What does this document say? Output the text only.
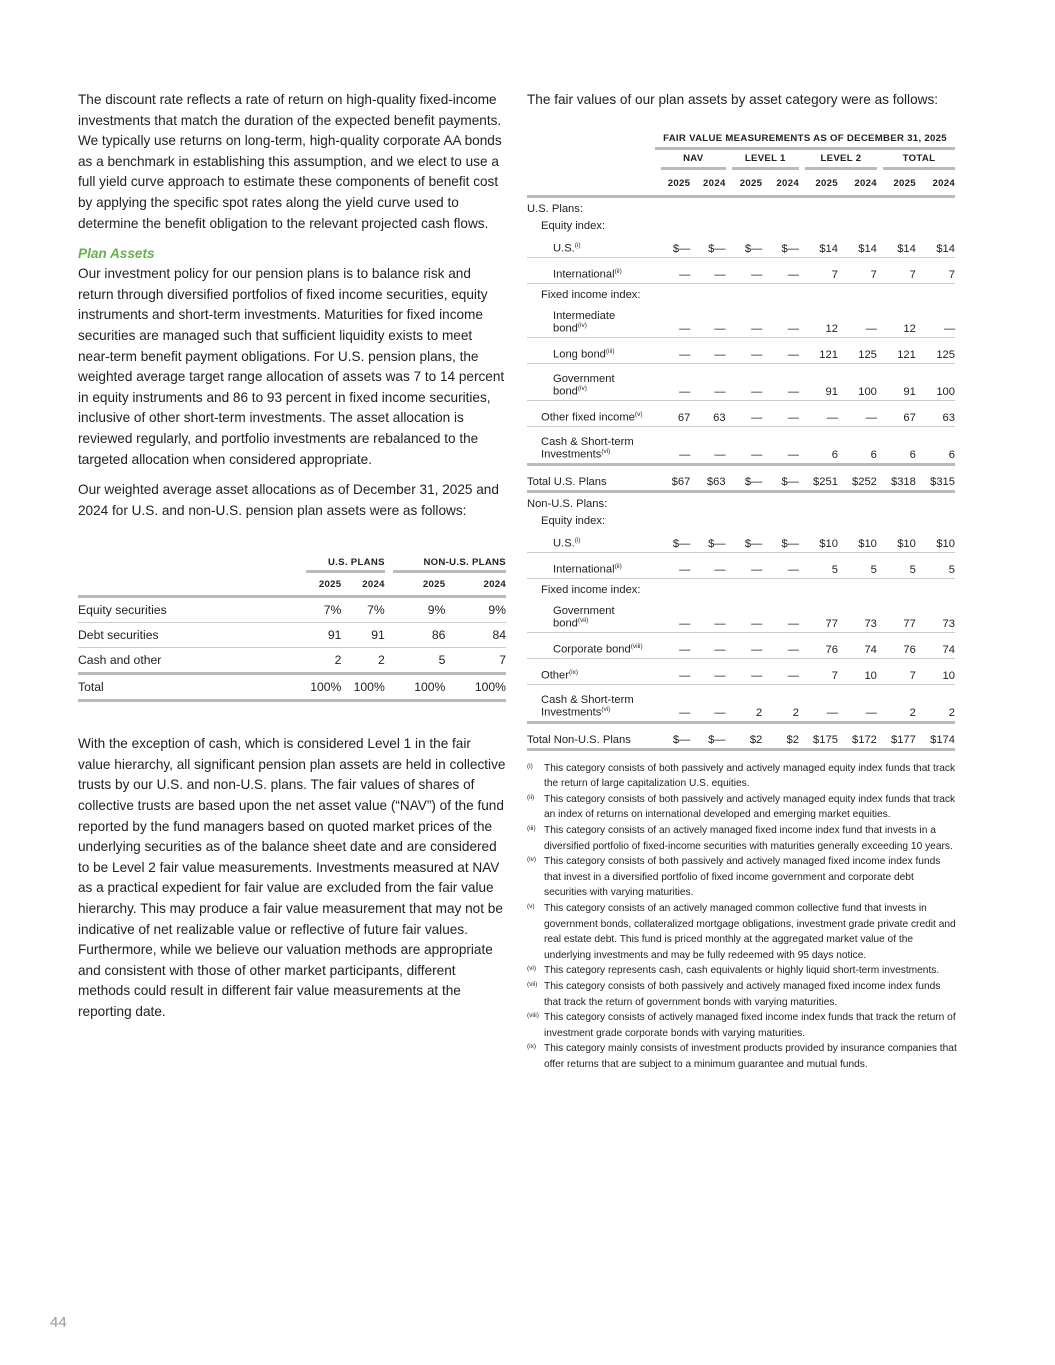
The discount rate reflects a rate of return on high-quality fixed-income investments that match the duration of the expected benefit payments. We typically use returns on long-term, high-quality corporate AA bonds as a benchmark in establishing this assumption, and we elect to use a full yield curve approach to estimate these components of benefit cost by applying the specific spot rates along the yield curve used to determine the benefit obligation to the relevant projected cash flows.

Plan Assets

Our investment policy for our pension plans is to balance risk and return through diversified portfolios of fixed income securities, equity instruments and short-term investments. Maturities for fixed income securities are managed such that sufficient liquidity exists to meet near-term benefit payment obligations. For U.S. pension plans, the weighted average target range allocation of assets was 7 to 14 percent in equity instruments and 86 to 93 percent in fixed income securities, inclusive of other short-term investments. The asset allocation is reviewed regularly, and portfolio investments are rebalanced to the targeted allocation when considered appropriate.

Our weighted average asset allocations as of December 31, 2025 and 2024 for U.S. and non-U.S. pension plan assets were as follows:

	U.S. PLANS		NON-U.S. PLANS	

	2025	2024	2025	2024
Equity securities	7%	7%	9%	9%
Debt securities	91	91	86	84
Cash and other	2	2	5	7
Total	100%	100%	100%	100%

With the exception of cash, which is considered Level 1 in the fair value hierarchy, all significant pension plan assets are held in collective trusts by our U.S. and non-U.S. plans. The fair values of shares of collective trusts are based upon the net asset value (“NAV”) of the fund reported by the fund managers based on quoted market prices of the underlying securities as of the balance sheet date and are considered to be Level 2 fair value measurements. Investments measured at NAV as a practical expedient for fair value are excluded from the fair value hierarchy. This may produce a fair value measurement that may not be indicative of net realizable value or reflective of future fair values. Furthermore, while we believe our valuation methods are appropriate and consistent with those of other market participants, different methods could result in different fair value measurements at the reporting date.

The fair values of our plan assets by asset category were as follows:

	FAIR VALUE MEASUREMENTS AS OF DECEMBER 31, 2025							

	NAV		LEVEL 1		LEVEL 2		TOTAL	

	2025	2024	2025	2024	2025	2024	2025	2024
U.S. Plans:								
Equity index:								
U.S.$^{(i)}$	$—	$—	$—	$—	$14	$14	$14	$14
International$^{(ii)}$	—	—	—	—	7	7	7	7
Fixed income index:								
Intermediate
bond$^{(iv)}$	—	—	—	—	12	—	12	—
Long bond$^{(iii)}$	—	—	—	—	121	125	121	125
Government
bond$^{(iv)}$	—	—	—	—	91	100	91	100
Other fixed income$^{(v)}$	67	63	—	—	—	—	67	63
Cash & Short-term
Investments$^{(vi)}$	—	—	—	—	6	6	6	6
Total U.S. Plans	$67	$63	$—	$—	$251	$252	$318	$315
Non-U.S. Plans:								
Equity index:								
U.S.$^{(i)}$	$—	$—	$—	$—	$10	$10	$10	$10
International$^{(ii)}$	—	—	—	—	5	5	5	5
Fixed income index:								
Government
bond$^{(vii)}$	—	—	—	—	77	73	77	73
Corporate bond$^{(viii)}$	—	—	—	—	76	74	76	74
Other$^{(ix)}$	—	—	—	—	7	10	7	10
Cash & Short-term
Investments$^{(vi)}$	—	—	2	2	—	—	2	2
Total Non-U.S. Plans	$—	$—	$2	$2	$175	$172	$177	$174
(i) This category consists of both passively and actively managed equity index funds that track the return of large capitalization U.S. equities.
(ii) This category consists of both passively and actively managed equity index funds that track an index of returns on international developed and emerging market equities.
(iii) This category consists of an actively managed fixed income index fund that invests in a diversified portfolio of fixed-income securities with maturities generally exceeding 10 years.
(iv) This category consists of both passively and actively managed fixed income index funds that invest in a diversified portfolio of fixed income government and corporate debt securities with varying maturities.
(v) This category consists of an actively managed common collective fund that invests in government bonds, collateralized mortgage obligations, investment grade private credit and real estate debt. This fund is priced monthly at the aggregated market value of the underlying investments and may be fully redeemed with 95 days notice.
(vi) This category represents cash, cash equivalents or highly liquid short-term investments.
(vii) This category consists of both passively and actively managed fixed income index funds that track the return of government bonds with varying maturities.
(viii) This category consists of actively managed fixed income index funds that track the return of investment grade corporate bonds with varying maturities.
(ix) This category mainly consists of investment products provided by insurance companies that offer returns that are subject to a minimum guarantee and mutual funds.
44
